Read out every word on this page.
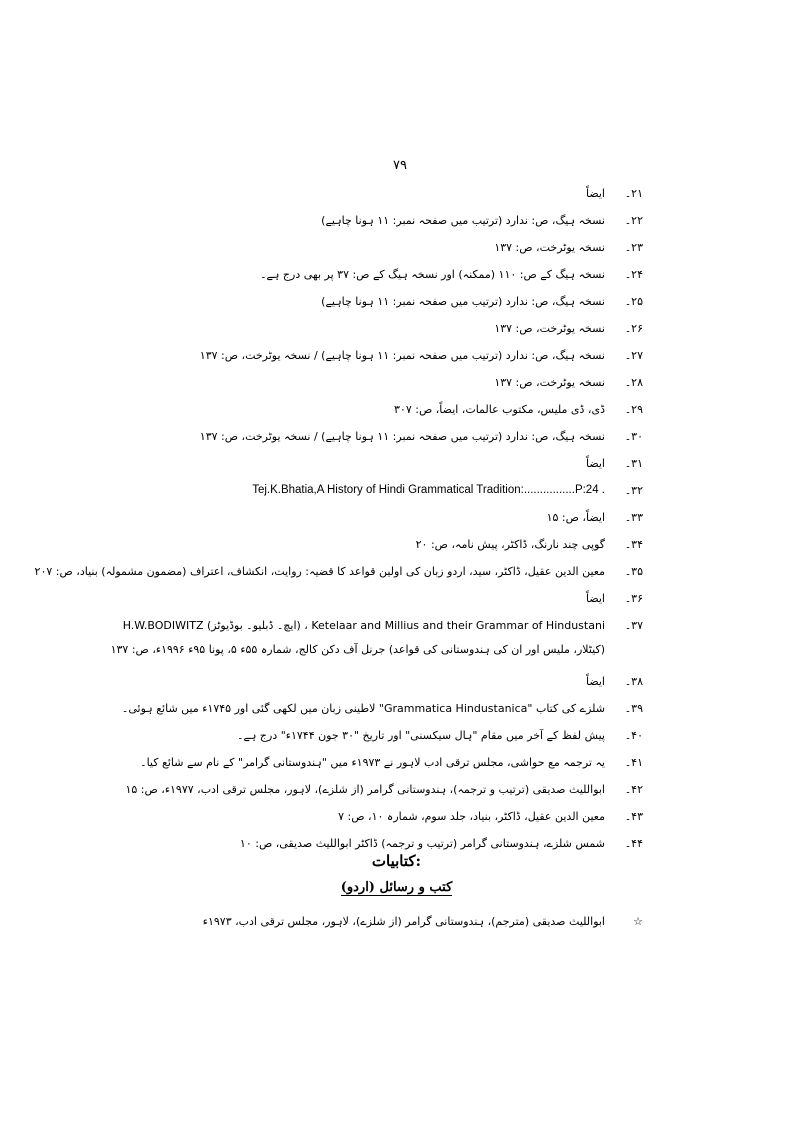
۷۹
۲۱۔
ایضاً
۲۲۔
نسخہ ہیگ، ص: ندارد (ترتیب میں صفحہ نمبر: ۱۱ ہونا چاہیے)
۲۳۔
نسخہ یوٹرخت، ص: ۱۳۷
۲۴۔
نسخہ ہیگ کے ص: ۱۱۰ (ممکنہ) اور نسخہ ہیگ کے ص: ۳۷ پر بھی درج ہے۔
۲۵۔
نسخہ ہیگ، ص: ندارد (ترتیب میں صفحہ نمبر: ۱۱ ہونا چاہیے)
۲۶۔
نسخہ یوٹرخت، ص: ۱۳۷
۲۷۔
نسخہ ہیگ، ص: ندارد (ترتیب میں صفحہ نمبر: ۱۱ ہونا چاہیے) / نسخہ یوٹرخت، ص: ۱۳۷
۲۸۔
نسخہ یوٹرخت، ص: ۱۳۷
۲۹۔
ڈی، ڈی ملیس، مکتوب عالمات، ایضاً، ص: ۳۰۷
۳۰۔
نسخہ ہیگ، ص: ندارد (ترتیب میں صفحہ نمبر: ۱۱ ہونا چاہیے) / نسخہ یوٹرخت، ص: ۱۳۷
۳۱۔
ایضاً
۳۲۔
Tej.K.Bhatia,A History of Hindi Grammatical Tradition:................P:24 .
۳۳۔
ایضاً، ص: ۱۵
۳۴۔
گوپی چند نارنگ، ڈاکٹر، پیش نامہ، ص: ۲۰
۳۵۔
معین الدین عقیل، ڈاکٹر، سید، اردو زبان کی اولین قواعد کا قضیہ: روایت، انکشاف، اعتراف (مضمون مشمولہ) بنیاد، ص: ۲۰۷
۳۶۔
ایضاً
۳۷۔
Ketelaar and Millius and their Grammar of Hindustani ، (ایچ۔ ڈبلیو۔ بوڈیوٹز) H.W.BODIWITZ
(کیٹلار، ملیس اور ان کی ہندوستانی کی قواعد) جرنل آف دکن کالج، شمارہ ۵۵ء ۵، پونا ۹۵ء ۱۹۹۶ء، ص: ۱۳۷
۳۸۔
ایضاً
۳۹۔
شلزے کی کتاب "Grammatica Hindustanica" لاطینی زبان میں لکھی گئی اور ۱۷۴۵ء میں شائع ہوئی۔
۴۰۔
پیش لفظ کے آخر میں مقام "ہال سیکسنی" اور تاریخ "۳۰ جون ۱۷۴۴ء" درج ہے۔
۴۱۔
یہ ترجمہ مع حواشی، مجلس ترقی ادب لاہور نے ۱۹۷۳ء میں "ہندوستانی گرامر" کے نام سے شائع کیا۔
۴۲۔
ابواللیث صدیقی (ترتیب و ترجمہ)، ہندوستانی گرامر (از شلزے)، لاہور، مجلس ترقی ادب، ۱۹۷۷ء، ص: ۱۵
۴۳۔
معین الدین عقیل، ڈاکٹر، بنیاد، جلد سوم، شمارہ ۱۰، ص: ۷
۴۴۔
شمس شلزے، ہندوستانی گرامر (ترتیب و ترجمہ) ڈاکٹر ابواللیث صدیقی، ص: ۱۰
کتابیات:
کتب و رسائل (اردو)
☆
ابواللیث صدیقی (مترجم)، ہندوستانی گرامر (از شلزے)، لاہور، مجلس ترقی ادب، ۱۹۷۳ء
